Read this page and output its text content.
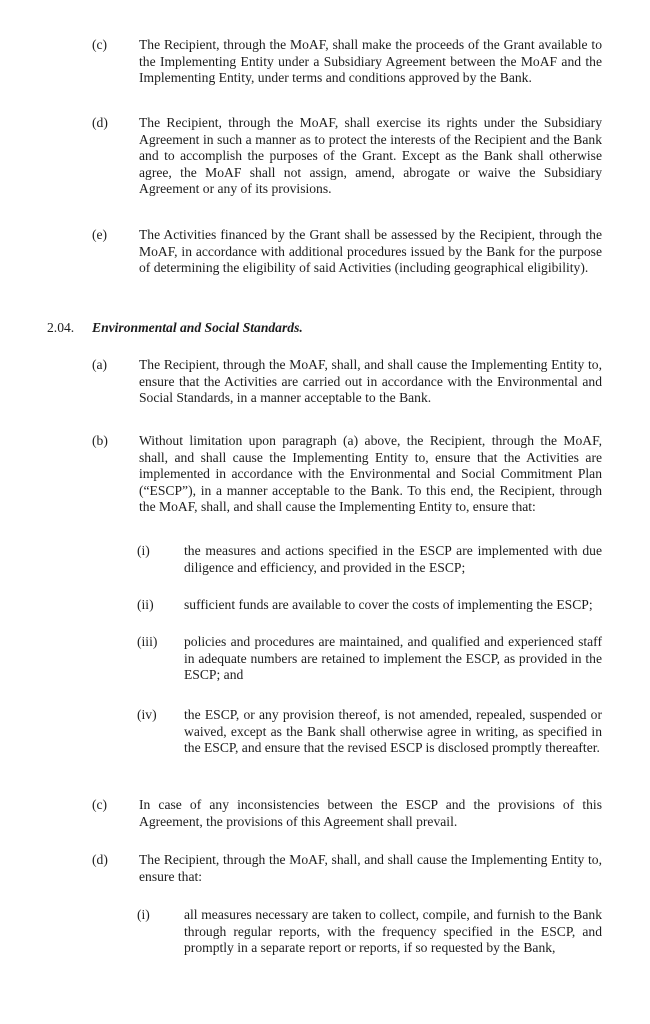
(c) The Recipient, through the MoAF, shall make the proceeds of the Grant available to the Implementing Entity under a Subsidiary Agreement between the MoAF and the Implementing Entity, under terms and conditions approved by the Bank.
(d) The Recipient, through the MoAF, shall exercise its rights under the Subsidiary Agreement in such a manner as to protect the interests of the Recipient and the Bank and to accomplish the purposes of the Grant. Except as the Bank shall otherwise agree, the MoAF shall not assign, amend, abrogate or waive the Subsidiary Agreement or any of its provisions.
(e) The Activities financed by the Grant shall be assessed by the Recipient, through the MoAF, in accordance with additional procedures issued by the Bank for the purpose of determining the eligibility of said Activities (including geographical eligibility).
2.04. Environmental and Social Standards.
(a) The Recipient, through the MoAF, shall, and shall cause the Implementing Entity to, ensure that the Activities are carried out in accordance with the Environmental and Social Standards, in a manner acceptable to the Bank.
(b) Without limitation upon paragraph (a) above, the Recipient, through the MoAF, shall, and shall cause the Implementing Entity to, ensure that the Activities are implemented in accordance with the Environmental and Social Commitment Plan (“ESCP”), in a manner acceptable to the Bank. To this end, the Recipient, through the MoAF, shall, and shall cause the Implementing Entity to, ensure that:
(i)	the measures and actions specified in the ESCP are implemented with due diligence and efficiency, and provided in the ESCP;
(ii) sufficient funds are available to cover the costs of implementing the ESCP;
(iii) policies and procedures are maintained, and qualified and experienced staff in adequate numbers are retained to implement the ESCP, as provided in the ESCP; and
(iv) the ESCP, or any provision thereof, is not amended, repealed, suspended or waived, except as the Bank shall otherwise agree in writing, as specified in the ESCP, and ensure that the revised ESCP is disclosed promptly thereafter.
(c) In case of any inconsistencies between the ESCP and the provisions of this Agreement, the provisions of this Agreement shall prevail.
(d) The Recipient, through the MoAF, shall, and shall cause the Implementing Entity to, ensure that:
(i)	all measures necessary are taken to collect, compile, and furnish to the Bank through regular reports, with the frequency specified in the ESCP, and promptly in a separate report or reports, if so requested by the Bank,
